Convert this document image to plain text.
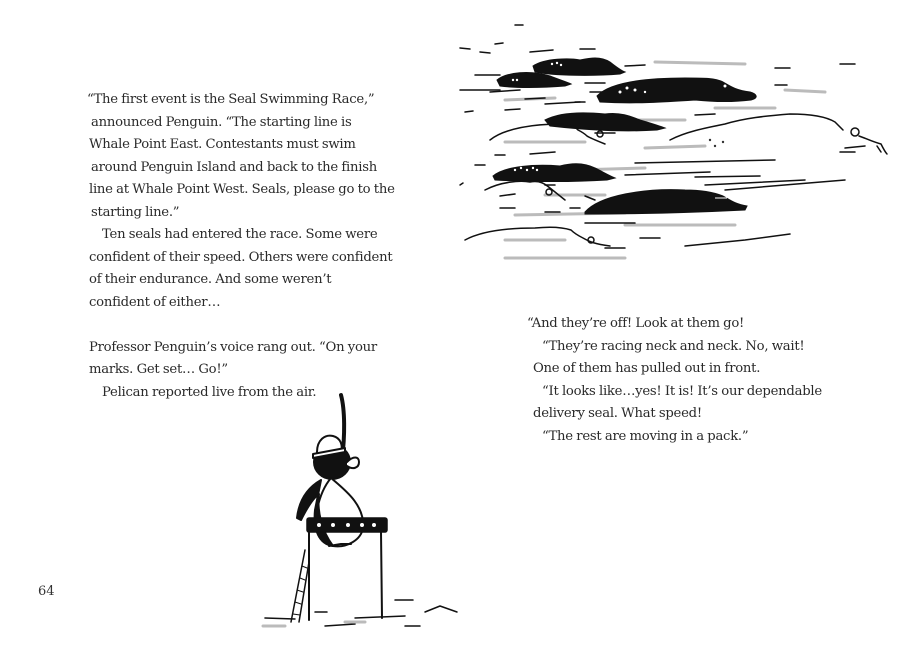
“The first event is the Seal Swimming Race,”

announced Penguin. “The starting line is

Whale Point East. Contestants must swim

around Penguin Island and back to the finish

line at Whale Point West. Seals, please go to the

starting line.”

Ten seals had entered the race. Some were

confident of their speed. Others were confident

of their endurance. And some weren’t

confident of either…

Professor Penguin’s voice rang out. “On your

marks. Get set… Go!”

Pelican reported live from the air.

64

“And they’re off! Look at them go!

“They’re racing neck and neck. No, wait!

One of them has pulled out in front.

“It looks like…yes! It is! It’s our dependable

delivery seal. What speed!

“The rest are moving in a pack.”
